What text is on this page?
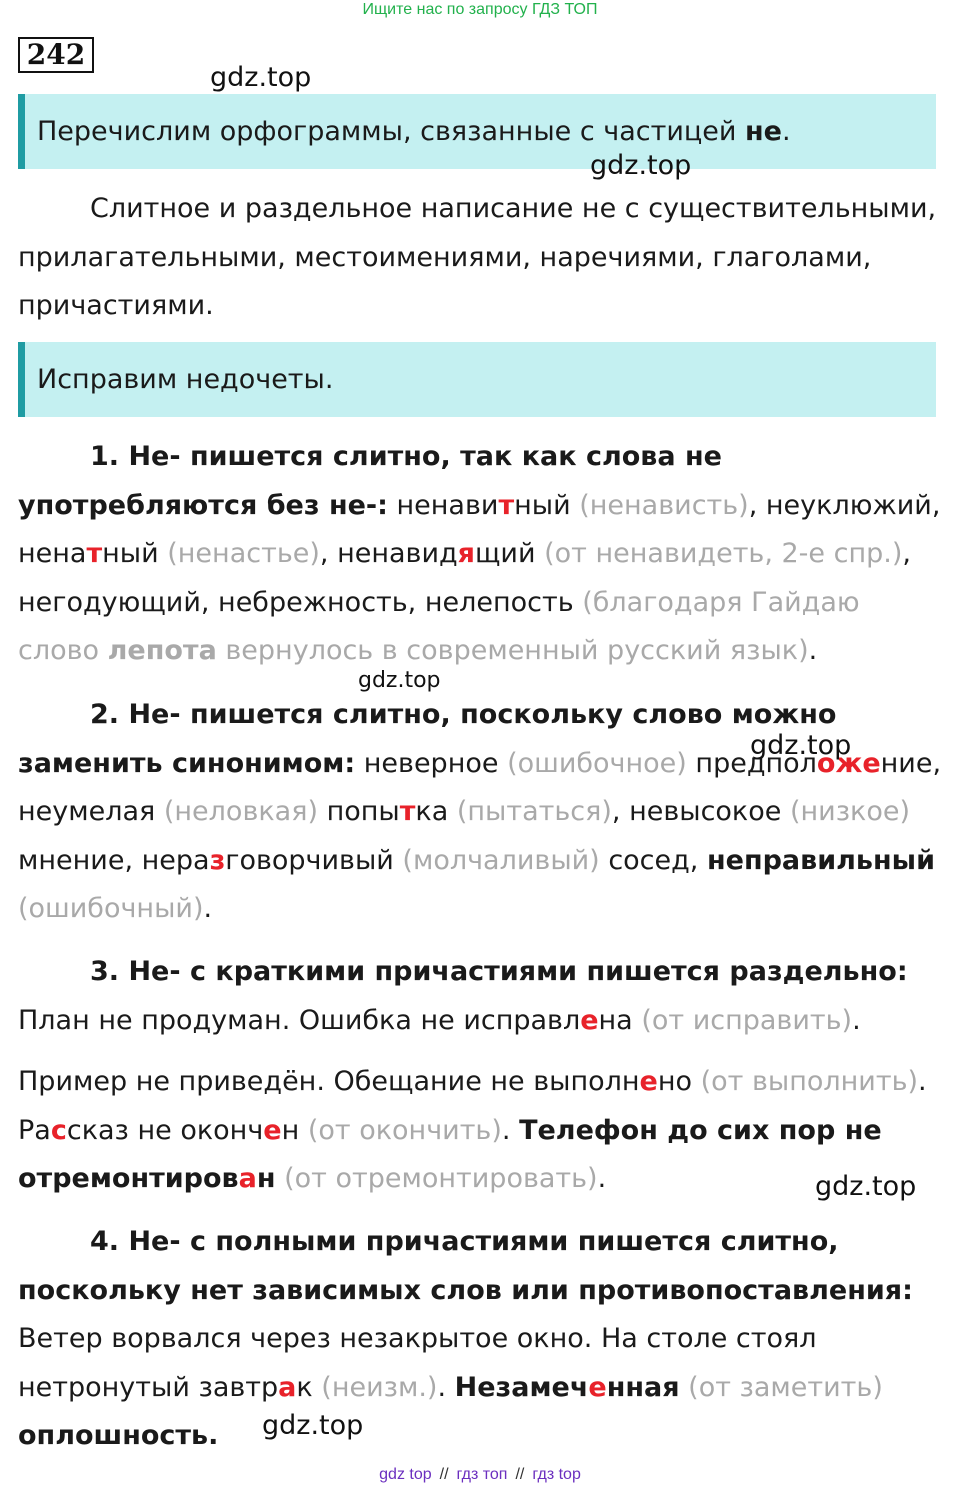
Ищите нас по запросу ГДЗ ТОП
242
gdz.top
Перечислим орфограммы, связанные с частицей не.
gdz.top

Слитное и раздельное написание не с существительными, прилагательными, местоимениями, наречиями, глаголами, причастиями.

Исправим недочеты.

1. Не- пишется слитно, так как слова не употребляются без не-: ненавитный (ненависть), неуклюжий, ненатный (ненастье), ненавидящий (от ненавидеть, 2-е спр.), негодующий, небрежность, нелепость (благодаря Гайдаю слово лепота вернулось в современный русский язык).

gdz.top

2. Не- пишется слитно, поскольку слово можно заменить синонимом: неверное (ошибочное) предположение, неумелая (неловкая) попытка (пытаться), невысокое (низкое) мнение, неразговорчивый (молчаливый) сосед, неправильный (ошибочный).

gdz.top

3. Не- с краткими причастиями пишется раздельно:
План не продуман. Ошибка не исправлена (от исправить).

Пример не приведён. Обещание не выполнено (от выполнить). Рассказ не окончен (от окончить). Телефон до сих пор не отремонтирован (от отремонтировать).	gdz.top

4. Не- с полными причастиями пишется слитно, поскольку нет зависимых слов или противопоставления:
Ветер ворвался через незакрытое окно. На столе стоял нетронутый завтрак (неизм.). Незамеченная (от заметить) оплошность.	gdz.top
gdz top // гдз топ // гдз top
